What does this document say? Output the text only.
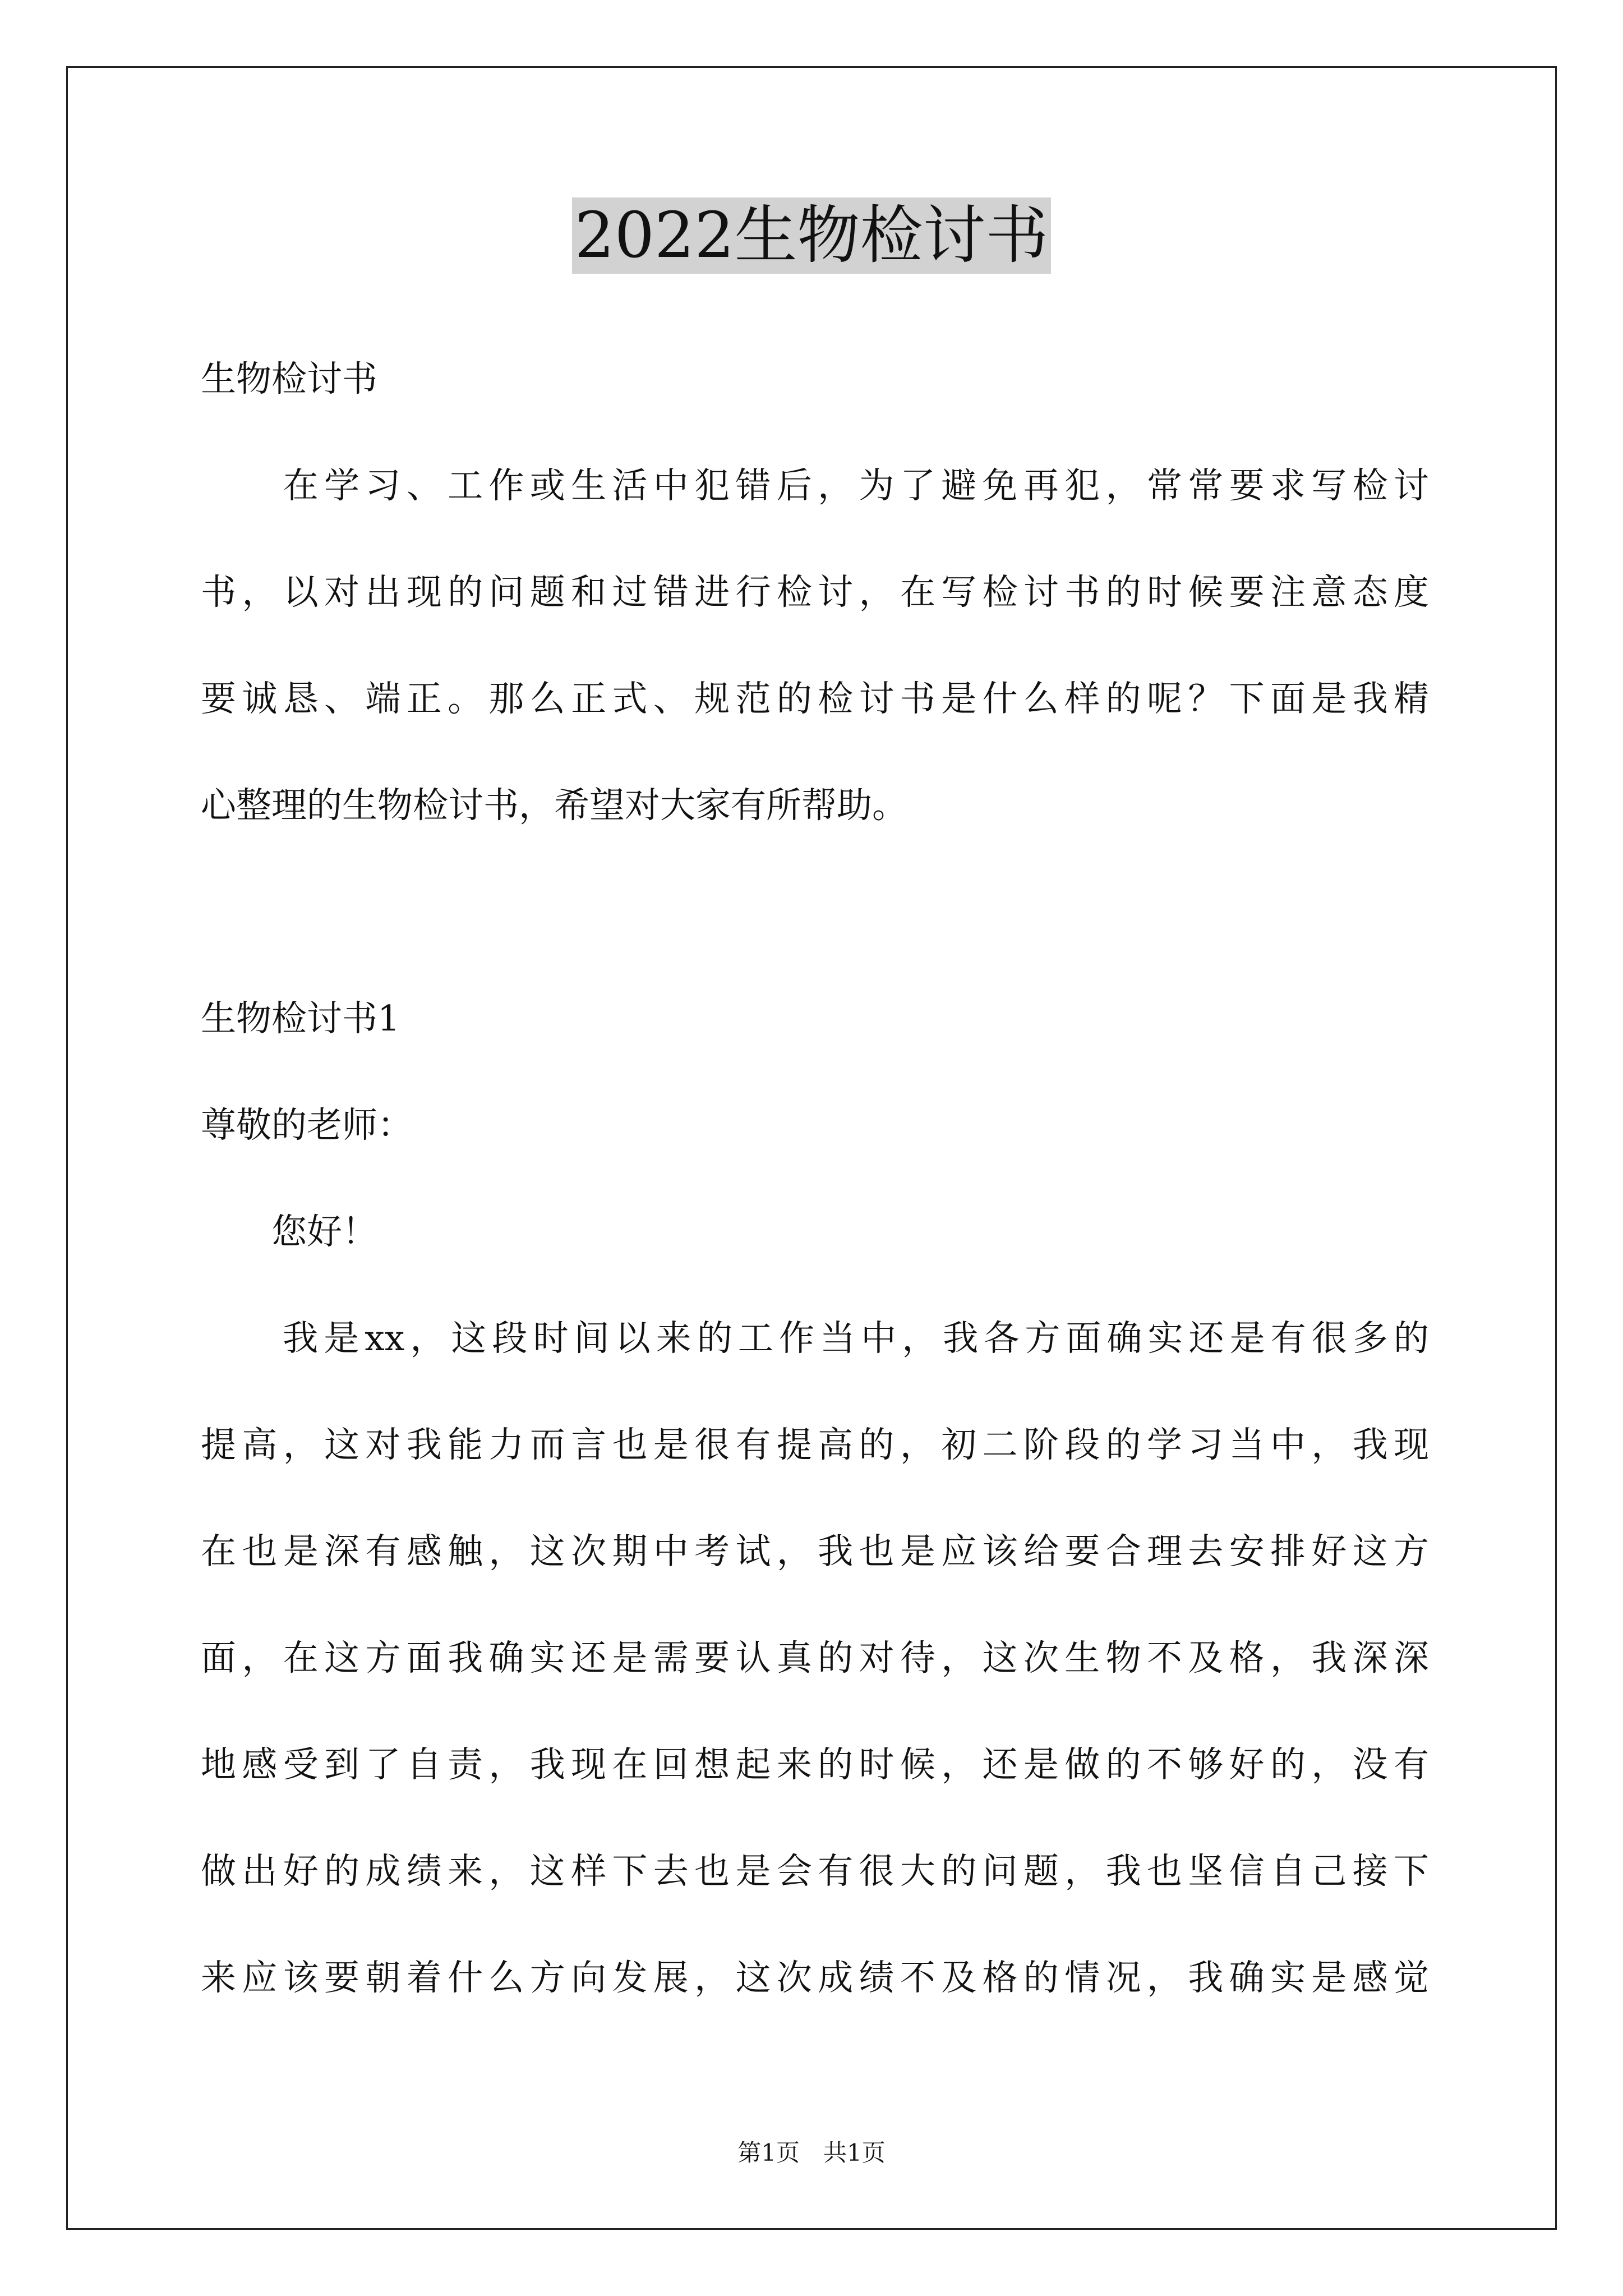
2022生物检讨书

生物检讨书

　　在学习、工作或生活中犯错后，为了避免再犯，常常要求写检讨

书，以对出现的问题和过错进行检讨，在写检讨书的时候要注意态度

要诚恳、端正。那么正式、规范的检讨书是什么样的呢？下面是我精

心整理的生物检讨书，希望对大家有所帮助。

生物检讨书1

尊敬的老师：

　　您好！

　　我是xx，这段时间以来的工作当中，我各方面确实还是有很多的

提高，这对我能力而言也是很有提高的，初二阶段的学习当中，我现

在也是深有感触，这次期中考试，我也是应该给要合理去安排好这方

面，在这方面我确实还是需要认真的对待，这次生物不及格，我深深

地感受到了自责，我现在回想起来的时候，还是做的不够好的，没有

做出好的成绩来，这样下去也是会有很大的问题，我也坚信自己接下

来应该要朝着什么方向发展，这次成绩不及格的情况，我确实是感觉

第1页　共1页
